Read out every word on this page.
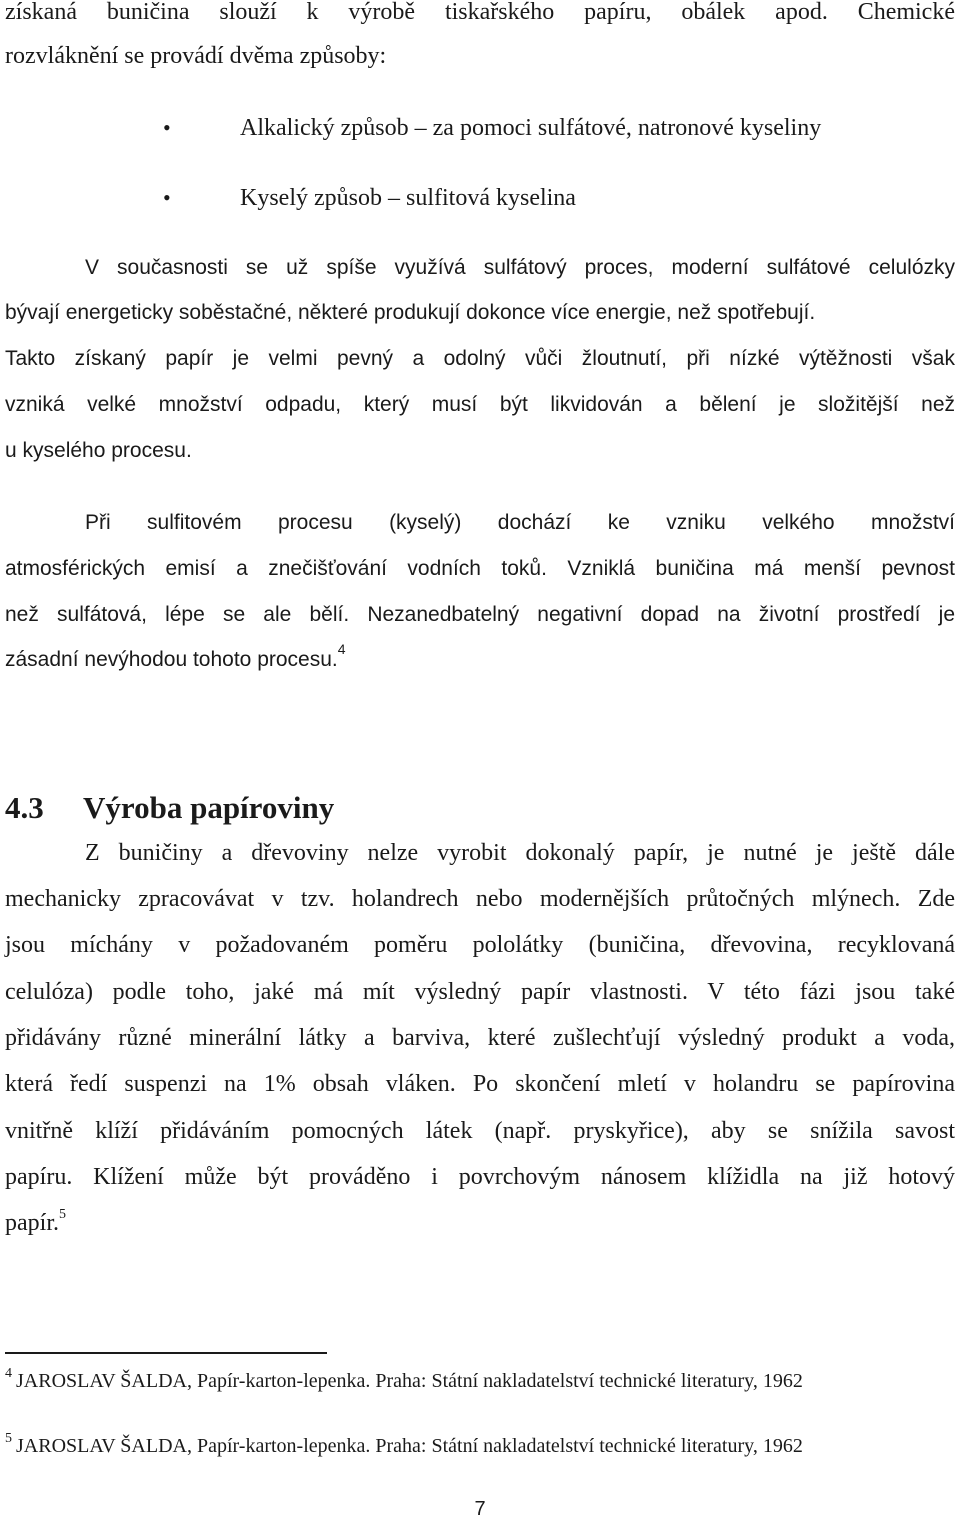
získaná buničina slouží k výrobě tiskařského papíru, obálek apod. Chemické
rozvláknění se provádí dvěma způsoby:
•	Alkalický způsob – za pomoci sulfátové, natronové kyseliny
•	Kyselý způsob – sulfitová kyselina
V současnosti se už spíše využívá sulfátový proces, moderní sulfátové celulózky
bývají energeticky soběstačné, některé produkují dokonce více energie, než spotřebují.
Takto získaný papír je velmi pevný a odolný vůči žloutnutí, při nízké výtěžnosti však
vzniká velké množství odpadu, který musí být likvidován a bělení je složitější než
u kyselého procesu.
Při sulfitovém procesu (kyselý) dochází ke vzniku velkého množství
atmosférických emisí a znečišťování vodních toků. Vzniklá buničina má menší pevnost
než sulfátová, lépe se ale bělí. Nezanedbatelný negativní dopad na životní prostředí je
zásadní nevýhodou tohoto procesu.$^4$
4.3 Výroba papíroviny
Z buničiny a dřevoviny nelze vyrobit dokonalý papír, je nutné je ještě dále
mechanicky zpracovávat v tzv. holandrech nebo modernějších průtočných mlýnech. Zde
jsou míchány v požadovaném poměru pololátky (buničina, dřevovina, recyklovaná
celulóza) podle toho, jaké má mít výsledný papír vlastnosti. V této fázi jsou také
přidávány různé minerální látky a barviva, které zušlechťují výsledný produkt a voda,
která ředí suspenzi na 1% obsah vláken. Po skončení mletí v holandru se papírovina
vnitřně klíží přidáváním pomocných látek (např. pryskyřice), aby se snížila savost
papíru. Klížení může být prováděno i povrchovým nánosem klížidla na již hotový
papír.$^5$
$^4$ JAROSLAV ŠALDA, Papír-karton-lepenka. Praha: Státní nakladatelství technické literatury, 1962
$^5$ JAROSLAV ŠALDA, Papír-karton-lepenka. Praha: Státní nakladatelství technické literatury, 1962
7
